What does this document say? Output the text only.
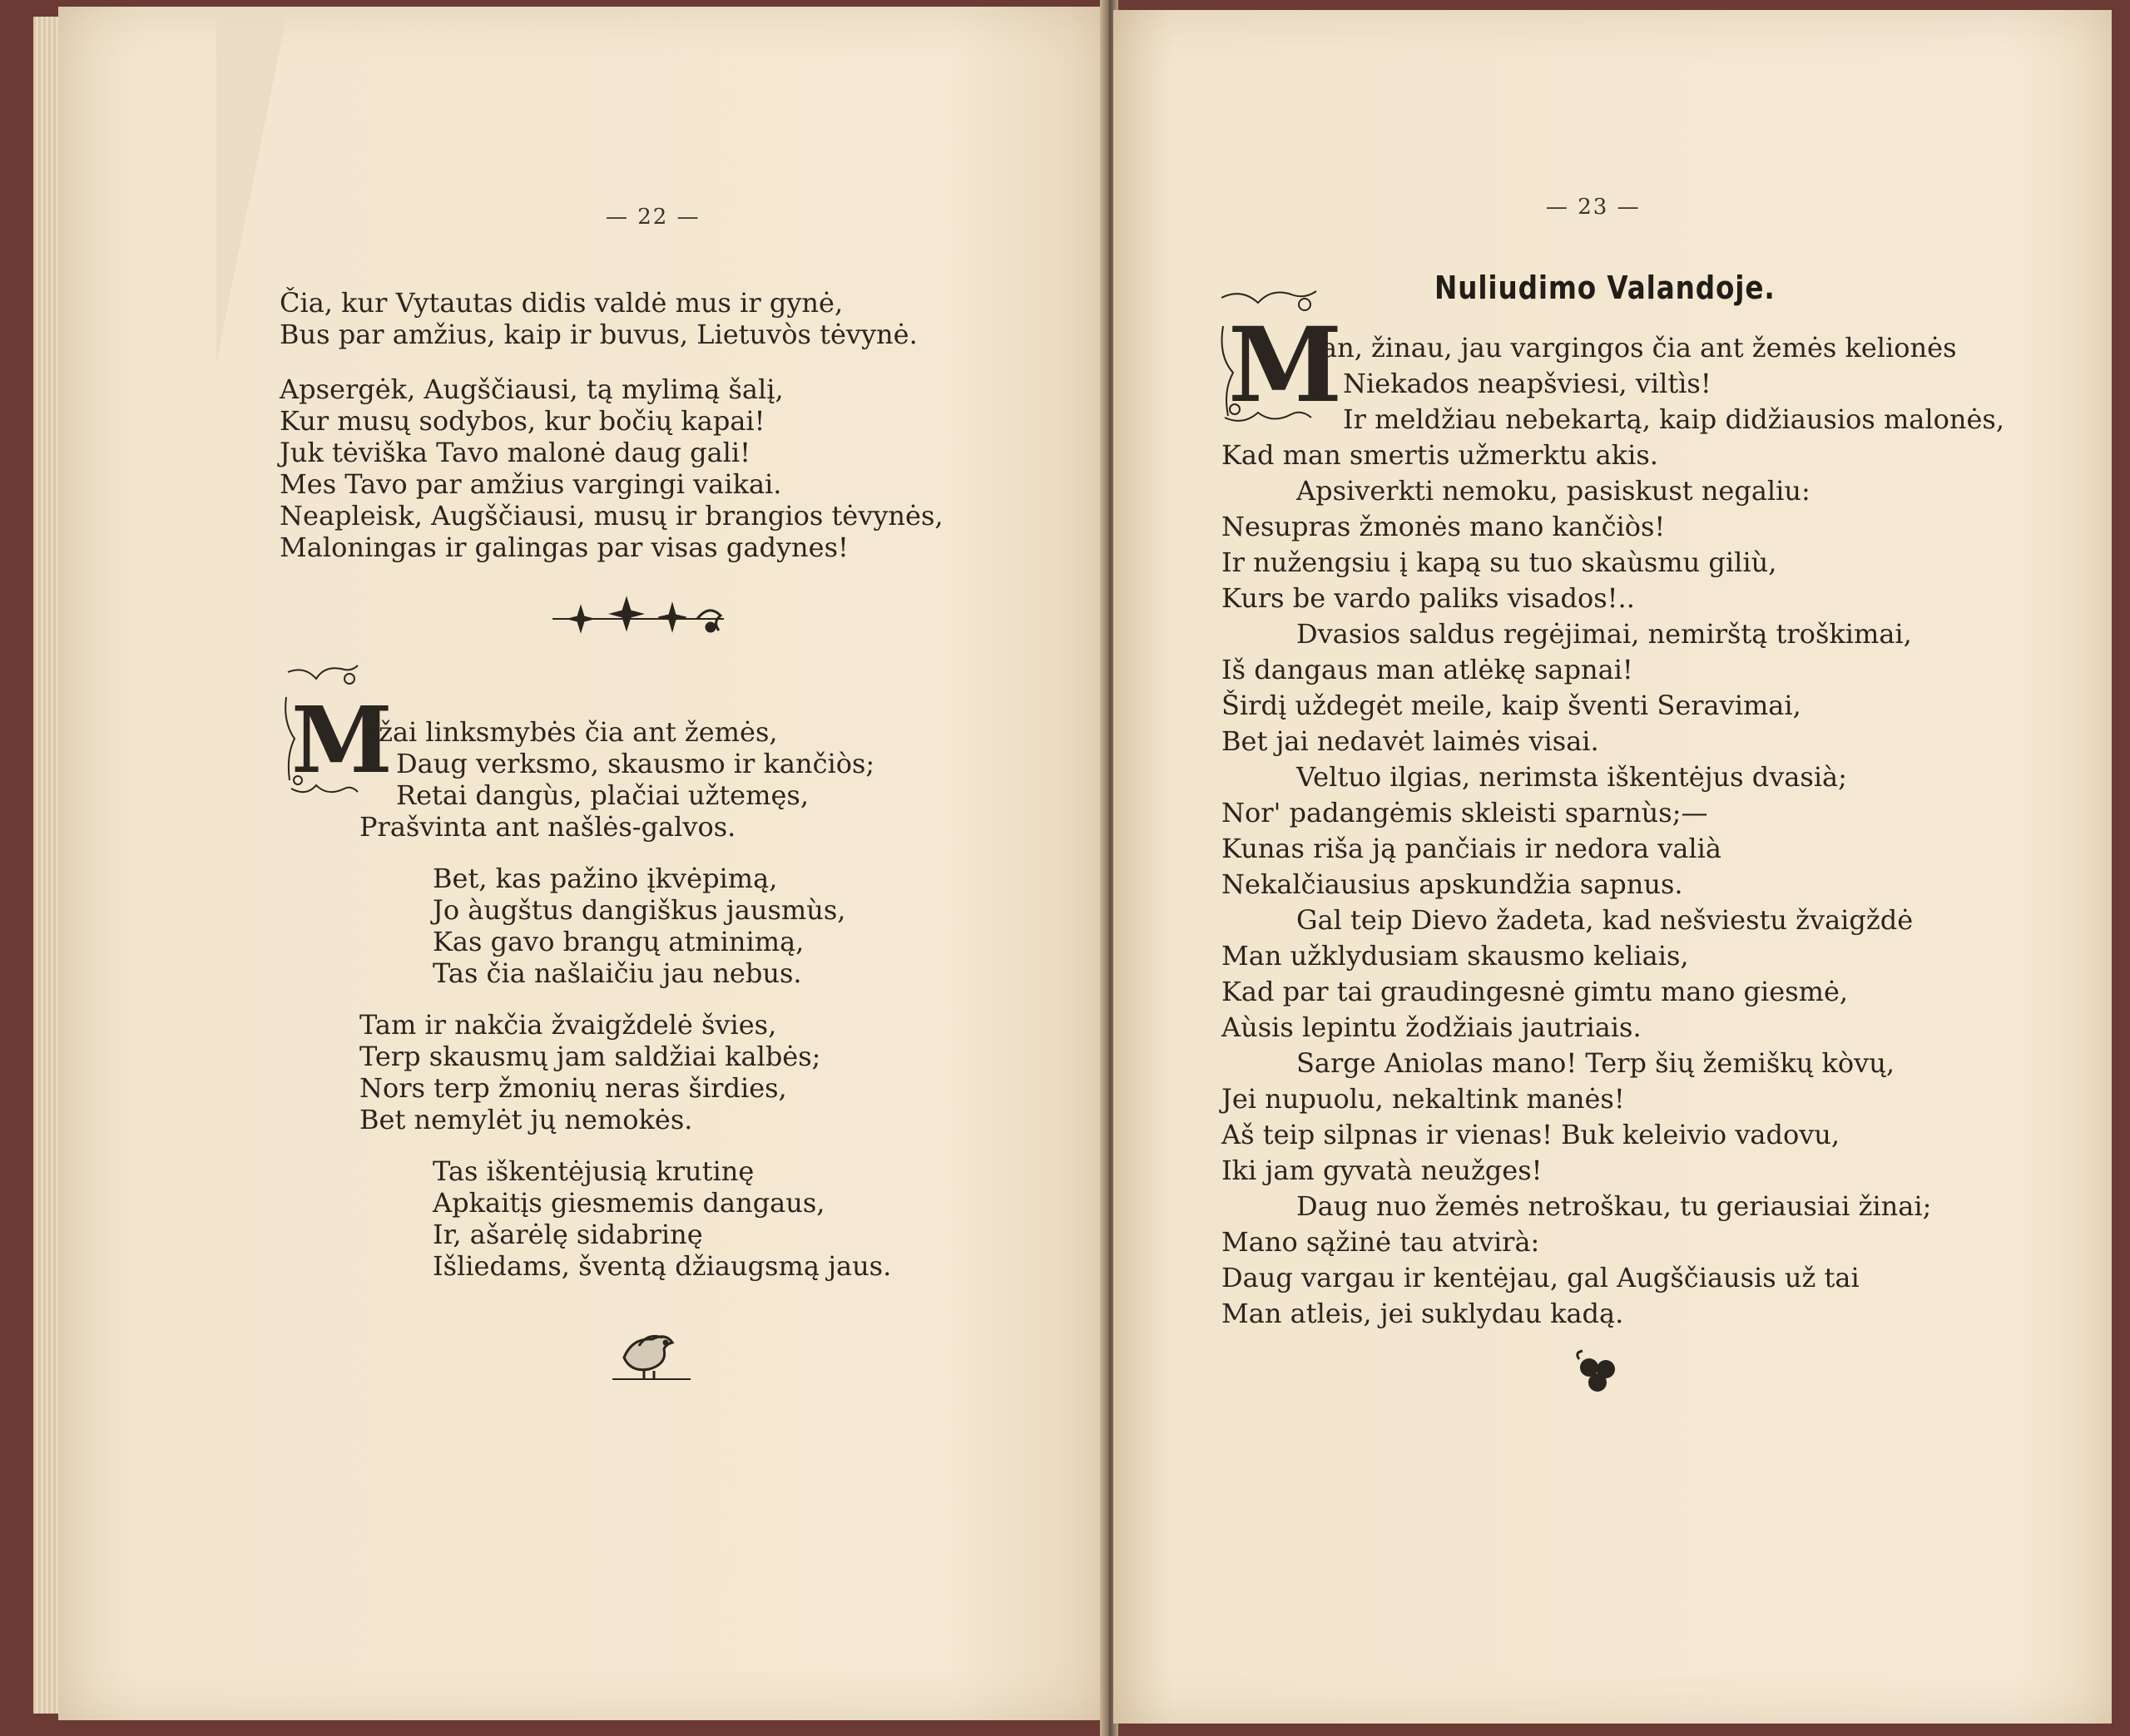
— 22 —
Čia, kur Vytautas didis valdė mus ir gynė,
Bus par amžius, kaip ir buvus, Lietuvòs tėvynė.
Apsergėk, Augščiausi, tą mylimą šalį,
Kur musų sodybos, kur bočių kapai!
Juk tėviška Tavo malonė daug gali!
Mes Tavo par amžius vargingi vaikai.
Neapleisk, Augščiausi, musų ir brangios tėvynės,
Maloningas ir galingas par visas gadynes!
M
ažai linksmybės čia ant žemės,
Daug verksmo, skausmo ir kančiòs;
Retai dangùs, plačiai užtemęs,
Prašvinta ant našlės-galvos.
Bet, kas pažino įkvėpimą,
Jo àugštus dangiškus jausmùs,
Kas gavo brangų atminimą,
Tas čia našlaičiu jau nebus.
Tam ir nakčia žvaigždelė švies,
Terp skausmų jam saldžiai kalbės;
Nors terp žmonių neras širdies,
Bet nemylėt jų nemokės.
Tas iškentėjusią krutinę
Apkaitįs giesmemis dangaus,
Ir, ašarėlę sidabrinę
Išliedams, šventą džiaugsmą jaus.
— 23 —
Nuliudimo Valandoje.
M
an, žinau, jau vargingos čia ant žemės kelionės
Niekados neapšviesi, viltìs!
Ir meldžiau nebekartą, kaip didžiausios malonės,
Kad man smertis užmerktu akis.
Apsiverkti nemoku, pasiskust negaliu:
Nesupras žmonės mano kančiòs!
Ir nužengsiu į kapą su tuo skaùsmu giliù,
Kurs be vardo paliks visados!..
Dvasios saldus regėjimai, nemirštą troškimai,
Iš dangaus man atlėkę sapnai!
Širdį uždegėt meile, kaip šventi Seravimai,
Bet jai nedavėt laimės visai.
Veltuo ilgias, nerimsta iškentėjus dvasià;
Nor' padangėmis skleisti sparnùs;—
Kunas riša ją pančiais ir nedora valià
Nekalčiausius apskundžia sapnus.
Gal teip Dievo žadeta, kad nešviestu žvaigždė
Man užklydusiam skausmo keliais,
Kad par tai graudingesnė gimtu mano giesmė,
Aùsis lepintu žodžiais jautriais.
Sarge Aniolas mano! Terp šių žemiškų kòvų,
Jei nupuolu, nekaltink manės!
Aš teip silpnas ir vienas! Buk keleivio vadovu,
Iki jam gyvatà neužges!
Daug nuo žemės netroškau, tu geriausiai žinai;
Mano sąžinė tau atvirà:
Daug vargau ir kentėjau, gal Augščiausis už tai
Man atleis, jei suklydau kadą.
